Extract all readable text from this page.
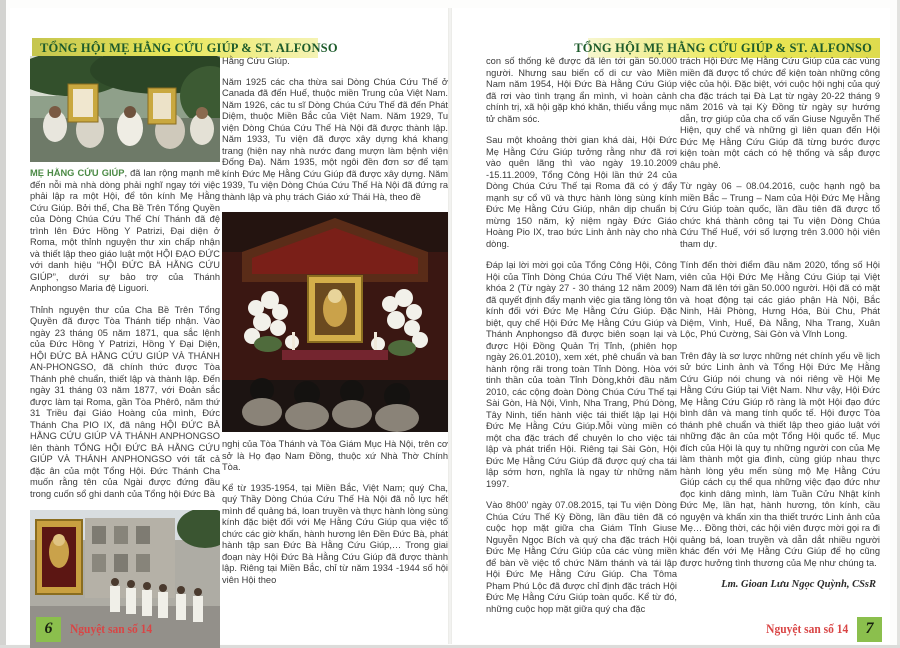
TỔNG HỘI MẸ HẰNG CỨU GIÚP & ST. ALFONSO

MẸ HẰNG CỨU GIÚP, đã lan rộng mạnh mẽ đến nỗi mà nhà dòng phải nghĩ ngay tới việc phải lập ra một Hội, để tôn kính Mẹ Hằng Cứu Giúp. Bởi thế, Cha Bề Trên Tổng Quyền của Dòng Chúa Cứu Thế Chí Thánh đã đệ trình lên Đức Hồng Y Patrizi, Đại diện ở Roma, một thỉnh nguyện thư xin chấp nhận và thiết lập theo giáo luật một HỘI ĐẠO ĐỨC với danh hiệu “HỘI ĐỨC BÀ HẰNG CỨU GIÚP”, dưới sự bảo trợ của Thánh Anphongso Maria đệ Liguori.

Thỉnh nguyện thư của Cha Bề Trên Tổng Quyền đã được Tòa Thánh tiếp nhận. Vào ngày 23 tháng 05 năm 1871, qua sắc lệnh của Đức Hồng Y Patrizi, Hồng Y Đại Diện, HỘI ĐỨC BÀ HẰNG CỨU GIÚP VÀ THÁNH AN-PHONGSO, đã chính thức được Tòa Thánh phê chuẩn, thiết lập và thành lập. Đến ngày 31 tháng 03 năm 1877, với Đoản sắc được làm tại Roma, gần Tòa Phêrô, năm thứ 31 Triều đại Giáo Hoàng của mình, Đức Thánh Cha PIO IX, đã nâng HỘI ĐỨC BÀ HẰNG CỨU GIÚP VÀ THÁNH ANPHONGSO lên thành TỔNG HỘI ĐỨC BÀ HẰNG CỨU GIÚP VÀ THÁNH ANPHONGSO với tất cả đặc ân của một Tổng Hội. Đức Thánh Cha muốn rằng tên của Ngài được đứng đầu trong cuốn sổ ghi danh của Tổng hội Đức Bà

Hằng Cứu Giúp.

Năm 1925 các cha thừa sai Dòng Chúa Cứu Thế ở Canada đã đến Huế, thuộc miền Trung của Việt Nam. Năm 1926, các tu sĩ Dòng Chúa Cứu Thế đã đến Phát Diệm, thuộc Miền Bắc của Việt Nam. Năm 1929, Tu viện Dòng Chúa Cứu Thế Hà Nội đã được thành lập. Năm 1933, Tu viện đã được xây dựng khá khang trang (hiện nay nhà nước đang mượn làm bệnh viện Đống Đa). Năm 1935, một ngôi đền đơn sơ để tạm kính Đức Mẹ Hằng Cứu Giúp đã được xây dựng. Năm 1939, Tu viện Dòng Chúa Cứu Thế Hà Nội đã đứng ra thành lập và phụ trách Giáo xứ Thái Hà, theo đề

nghị của Tòa Thánh và Tòa Giám Mục Hà Nội, trên cơ sở là Họ đạo Nam Đồng, thuộc xứ Nhà Thờ Chính Tòa.

Kể từ 1935-1954, tại Miền Bắc, Việt Nam; quý Cha, quý Thầy Dòng Chúa Cứu Thế Hà Nội đã nỗ lực hết mình để quảng bá, loan truyền và thực hành lòng sùng kính đặc biệt đối với Mẹ Hằng Cứu Giúp qua việc tổ chức các giờ khấn, hành hương lên Đền Đức Bà, phát hành tập san Đức Bà Hằng Cứu Giúp,… Trong giai đoạn này Hội Đức Bà Hằng Cứu Giúp đã được thành lập. Riêng tại Miền Bắc, chỉ từ năm 1934 -1944 số hội viên Hội theo

6	Nguyệt san số 14
TỔNG HỘI MẸ HẰNG CỨU GIÚP & ST. ALFONSO

con số thống kê được đã lên tới gần 50.000 người. Nhưng sau biến cố di cư vào Miền Nam năm 1954, Hội Đức Bà Hằng Cứu Giúp đã rơi vào tình trạng ẩn mình, vì hoàn cảnh chính trị, xã hội gặp khó khăn, thiếu vắng mục tử chăm sóc.

Sau một khoảng thời gian khá dài, Hội Đức Mẹ Hằng Cứu Giúp tưởng rằng như đã rơi vào quên lãng thì vào ngày 19.10.2009 -15.11.2009, Tổng Công Hội lần thứ 24 của Dòng Chúa Cứu Thế tại Roma đã có ý đẩy mạnh sự cổ vũ và thực hành lòng sùng kính Đức Mẹ Hằng Cứu Giúp, nhân dịp chuẩn bị mừng 150 năm, kỷ niệm ngày Đức Giáo Hoàng Pio IX, trao bức Linh ảnh này cho nhà dòng.

Đáp lại lời mời gọi của Tổng Công Hội, Công Hội của Tỉnh Dòng Chúa Cứu Thế Việt Nam, khóa 2 (Từ ngày 27 - 30 tháng 12 năm 2009) đã quyết định đẩy mạnh việc gia tăng lòng tôn kính đối với Đức Mẹ Hằng Cứu Giúp. Đặc biệt, quy chế Hội Đức Mẹ Hằng Cứu Giúp và Thánh Anphongso đã được biên soạn lại và được Hội Đồng Quản Trị Tỉnh, (phiên họp ngày 26.01.2010), xem xét, phê chuẩn và ban hành rộng rãi trong toàn Tỉnh Dòng. Hòa với tinh thần của toàn Tỉnh Dòng,khởi đầu năm 2010, các cộng đoàn Dòng Chúa Cứu Thế tại Sài Gòn, Hà Nội, Vinh, Nha Trang, Phú Dòng, Tây Ninh, tiến hành việc tái thiết lập lại Hội Đức Mẹ Hằng Cứu Giúp.Mỗi vùng miền có một cha đặc trách để chuyên lo cho việc tái lập và phát triển Hội. Riêng tại Sài Gòn, Hội Đức Mẹ Hằng Cứu Giúp đã được quý cha tái lập sớm hơn, nghĩa là ngay từ những năm 1997.

Vào 8h00’ ngày 07.08.2015, tại Tu viện Dòng Chúa Cứu Thế Kỳ Đồng, lần đầu tiên đã có cuộc họp mặt giữa cha Giám Tỉnh Giuse Nguyễn Ngọc Bích và quý cha đặc trách Hội Đức Mẹ Hằng Cứu Giúp của các vùng miền để bàn về việc tổ chức Năm thánh và tái lập Hội Đức Mẹ Hằng Cứu Giúp. Cha Tôma Phạm Phú Lộc đã được chỉ định đặc trách Hội Đức Mẹ Hằng Cứu Giúp toàn quốc. Kể từ đó, những cuộc họp mặt giữa quý cha đặc

trách Hội Đức Mẹ Hằng Cứu Giúp của các vùng miền đã được tổ chức để kiện toàn những công việc của hội. Đặc biệt, với cuộc hội nghị của quý cha đặc trách tại Đà Lạt từ ngày 20-22 tháng 9 năm 2016 và tại Kỳ Đồng từ ngày sự hướng dẫn, trợ giúp của cha cố vấn Giuse Nguyễn Thế Hiện, quy chế và những gì liên quan đến Hội Đức Mẹ Hằng Cứu Giúp đã từng bước được kiện toàn một cách có hệ thống và sắp được châu phê.

Từ ngày 06 – 08.04.2016, cuộc hạnh ngộ ba miền Bắc – Trung – Nam của Hội Đức Mẹ Hằng Cứu Giúp toàn quốc, lần đầu tiên đã được tổ chức khá thành công tại Tu viện Dòng Chúa Cứu Thế Huế, với số lượng trên 3.000 hội viên tham dự.

Tính đến thời điểm đầu năm 2020, tổng số Hội viên của Hội Đức Mẹ Hằng Cứu Giúp tại Việt Nam đã lên tới gần 50.000 người. Hội đã có mặt và hoạt động tại các giáo phận Hà Nội, Bắc Ninh, Hải Phòng, Hưng Hóa, Bùi Chu, Phát Diệm, Vinh, Huế, Đà Nẵng, Nha Trang, Xuân Lộc, Phú Cường, Sài Gòn và Vĩnh Long.

Trên đây là sơ lược những nét chính yếu về lịch sử bức Linh ảnh và Tổng Hội Đức Mẹ Hằng Cứu Giúp nói chung và nói riêng về Hội Mẹ Hằng Cứu Giúp tại Việt Nam. Như vậy, Hội Đức Mẹ Hằng Cứu Giúp rõ ràng là một Hội đạo đức bình dân và mang tính quốc tế. Hội được Tòa thánh phê chuẩn và thiết lập theo giáo luật với những đặc ân của một Tổng Hội quốc tế. Mục đích của Hội là quy tụ những người con của Mẹ làm thành một gia đình, cùng giúp nhau thực hành lòng yêu mến sùng mộ Mẹ Hằng Cứu Giúp cách cụ thể qua những việc đạo đức như đọc kinh dâng mình, làm Tuần Cửu Nhật kính Đức Mẹ, lần hạt, hành hương, tôn kính, cầu nguyện và khấn xin tha thiết trước Linh ảnh của Mẹ… Đồng thời, các hội viên được mời gọi ra đi quảng bá, loan truyền và dẫn dắt nhiều người khác đến với Mẹ Hằng Cứu Giúp để họ cũng được hưởng tình thương của Mẹ như chúng ta.

Lm. Gioan Lưu Ngọc Quỳnh, CSsR
7
Nguyệt san số 14
